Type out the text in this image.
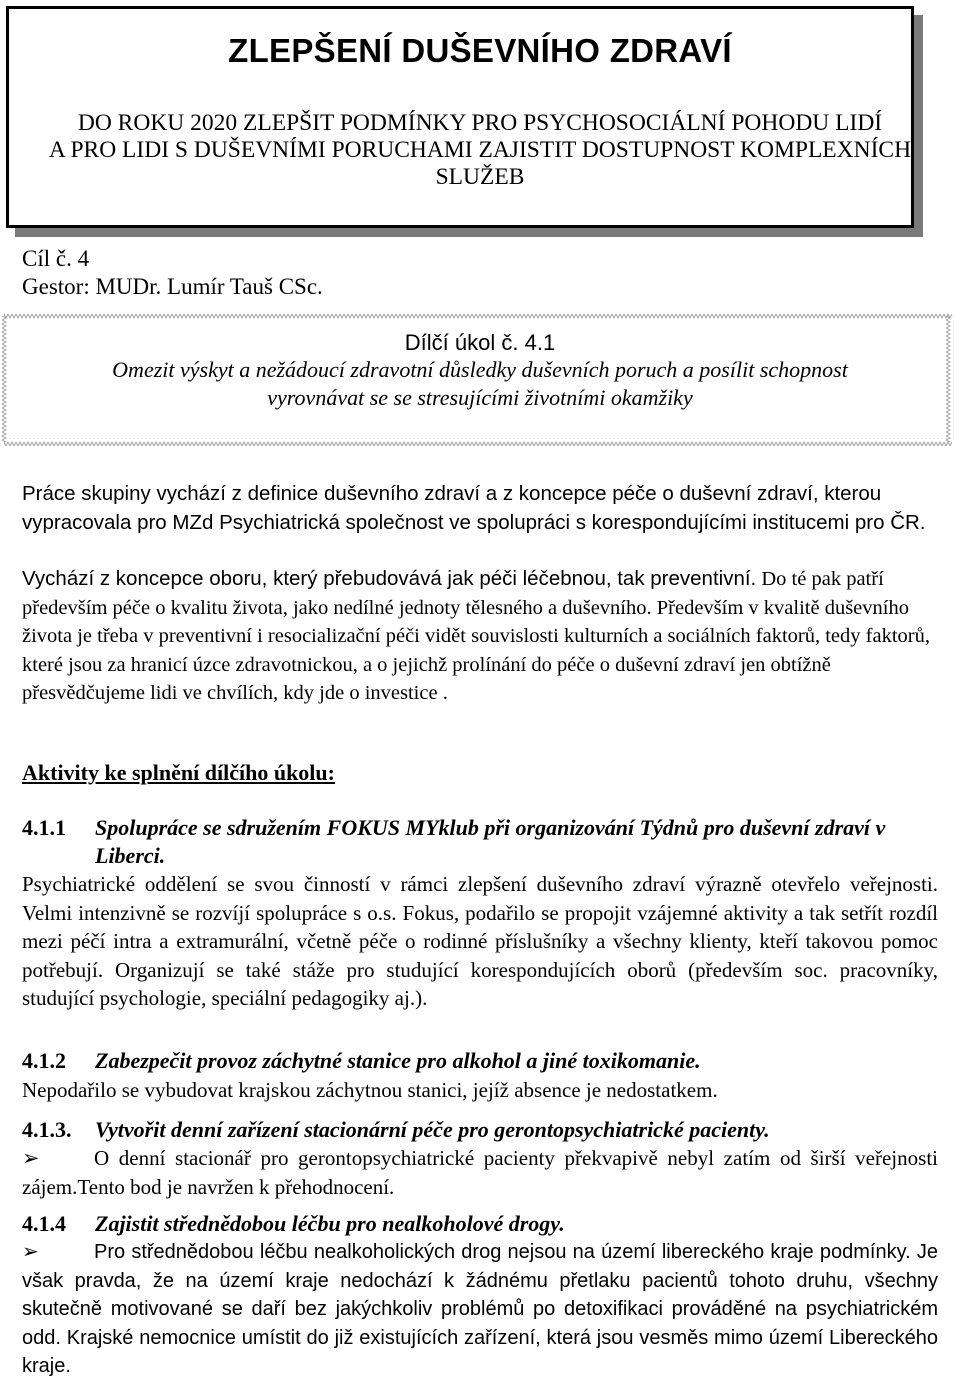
ZLEPŠENÍ DUŠEVNÍHO ZDRAVÍ
DO ROKU 2020 ZLEPŠIT PODMÍNKY PRO PSYCHOSOCIÁLNÍ POHODU LIDÍ
A PRO LIDI S DUŠEVNÍMI PORUCHAMI ZAJISTIT DOSTUPNOST KOMPLEXNÍCH
SLUŽEB
Cíl č. 4
Gestor: MUDr. Lumír Tauš CSc.
Dílčí úkol č. 4.1
Omezit výskyt a nežádoucí zdravotní důsledky duševních poruch a posílit schopnost
vyrovnávat se se stresujícími životními okamžiky
Práce skupiny vychází z definice duševního zdraví a z koncepce péče o duševní zdraví, kterou vypracovala pro MZd Psychiatrická společnost ve spolupráci s korespondujícími institucemi pro ČR.
Vychází z koncepce oboru, který přebudovává jak péči léčebnou, tak preventivní. Do té pak patří především péče o kvalitu života, jako nedílné jednoty tělesného a duševního. Především v kvalitě duševního života je třeba v preventivní i resocializační péči vidět souvislosti kulturních a sociálních faktorů, tedy faktorů, které jsou za hranicí úzce zdravotnickou, a o jejichž prolínání do péče o duševní zdraví jen obtížně přesvědčujeme lidi ve chvílích, kdy jde o investice .
Aktivity ke splnění dílčího úkolu:
4.1.1 Spolupráce se sdružením FOKUS MYklub při organizování Týdnů pro duševní zdraví v Liberci.
Psychiatrické oddělení se svou činností v rámci zlepšení duševního zdraví výrazně otevřelo veřejnosti. Velmi intenzivně se rozvíjí spolupráce s o.s. Fokus, podařilo se propojit vzájemné aktivity a tak setřít rozdíl mezi péčí intra a extramurální, včetně péče o rodinné příslušníky a všechny klienty, kteří takovou pomoc potřebují. Organizují se také stáže pro studující korespondujících oborů (především soc. pracovníky, studující psychologie, speciální pedagogiky aj.).
4.1.2 Zabezpečit provoz záchytné stanice pro alkohol a jiné toxikomanie.
Nepodařilo se vybudovat krajskou záchytnou stanici, jejíž absence je nedostatkem.
4.1.3. Vytvořit denní zařízení stacionární péče pro gerontopsychiatrické pacienty.
➢	O denní stacionář pro gerontopsychiatrické pacienty překvapivě nebyl zatím od širší veřejnosti zájem.Tento bod je navržen k přehodnocení.
4.1.4 Zajistit střednědobou léčbu pro nealkoholové drogy.
➢	Pro střednědobou léčbu nealkoholických drog nejsou na území libereckého kraje podmínky. Je však pravda, že na území kraje nedochází k žádnému přetlaku pacientů tohoto druhu, všechny skutečně motivované se daří bez jakýchkoliv problémů po detoxifikaci prováděné na psychiatrickém odd. Krajské nemocnice umístit do již existujících zařízení, která jsou vesměs mimo území Libereckého kraje.
